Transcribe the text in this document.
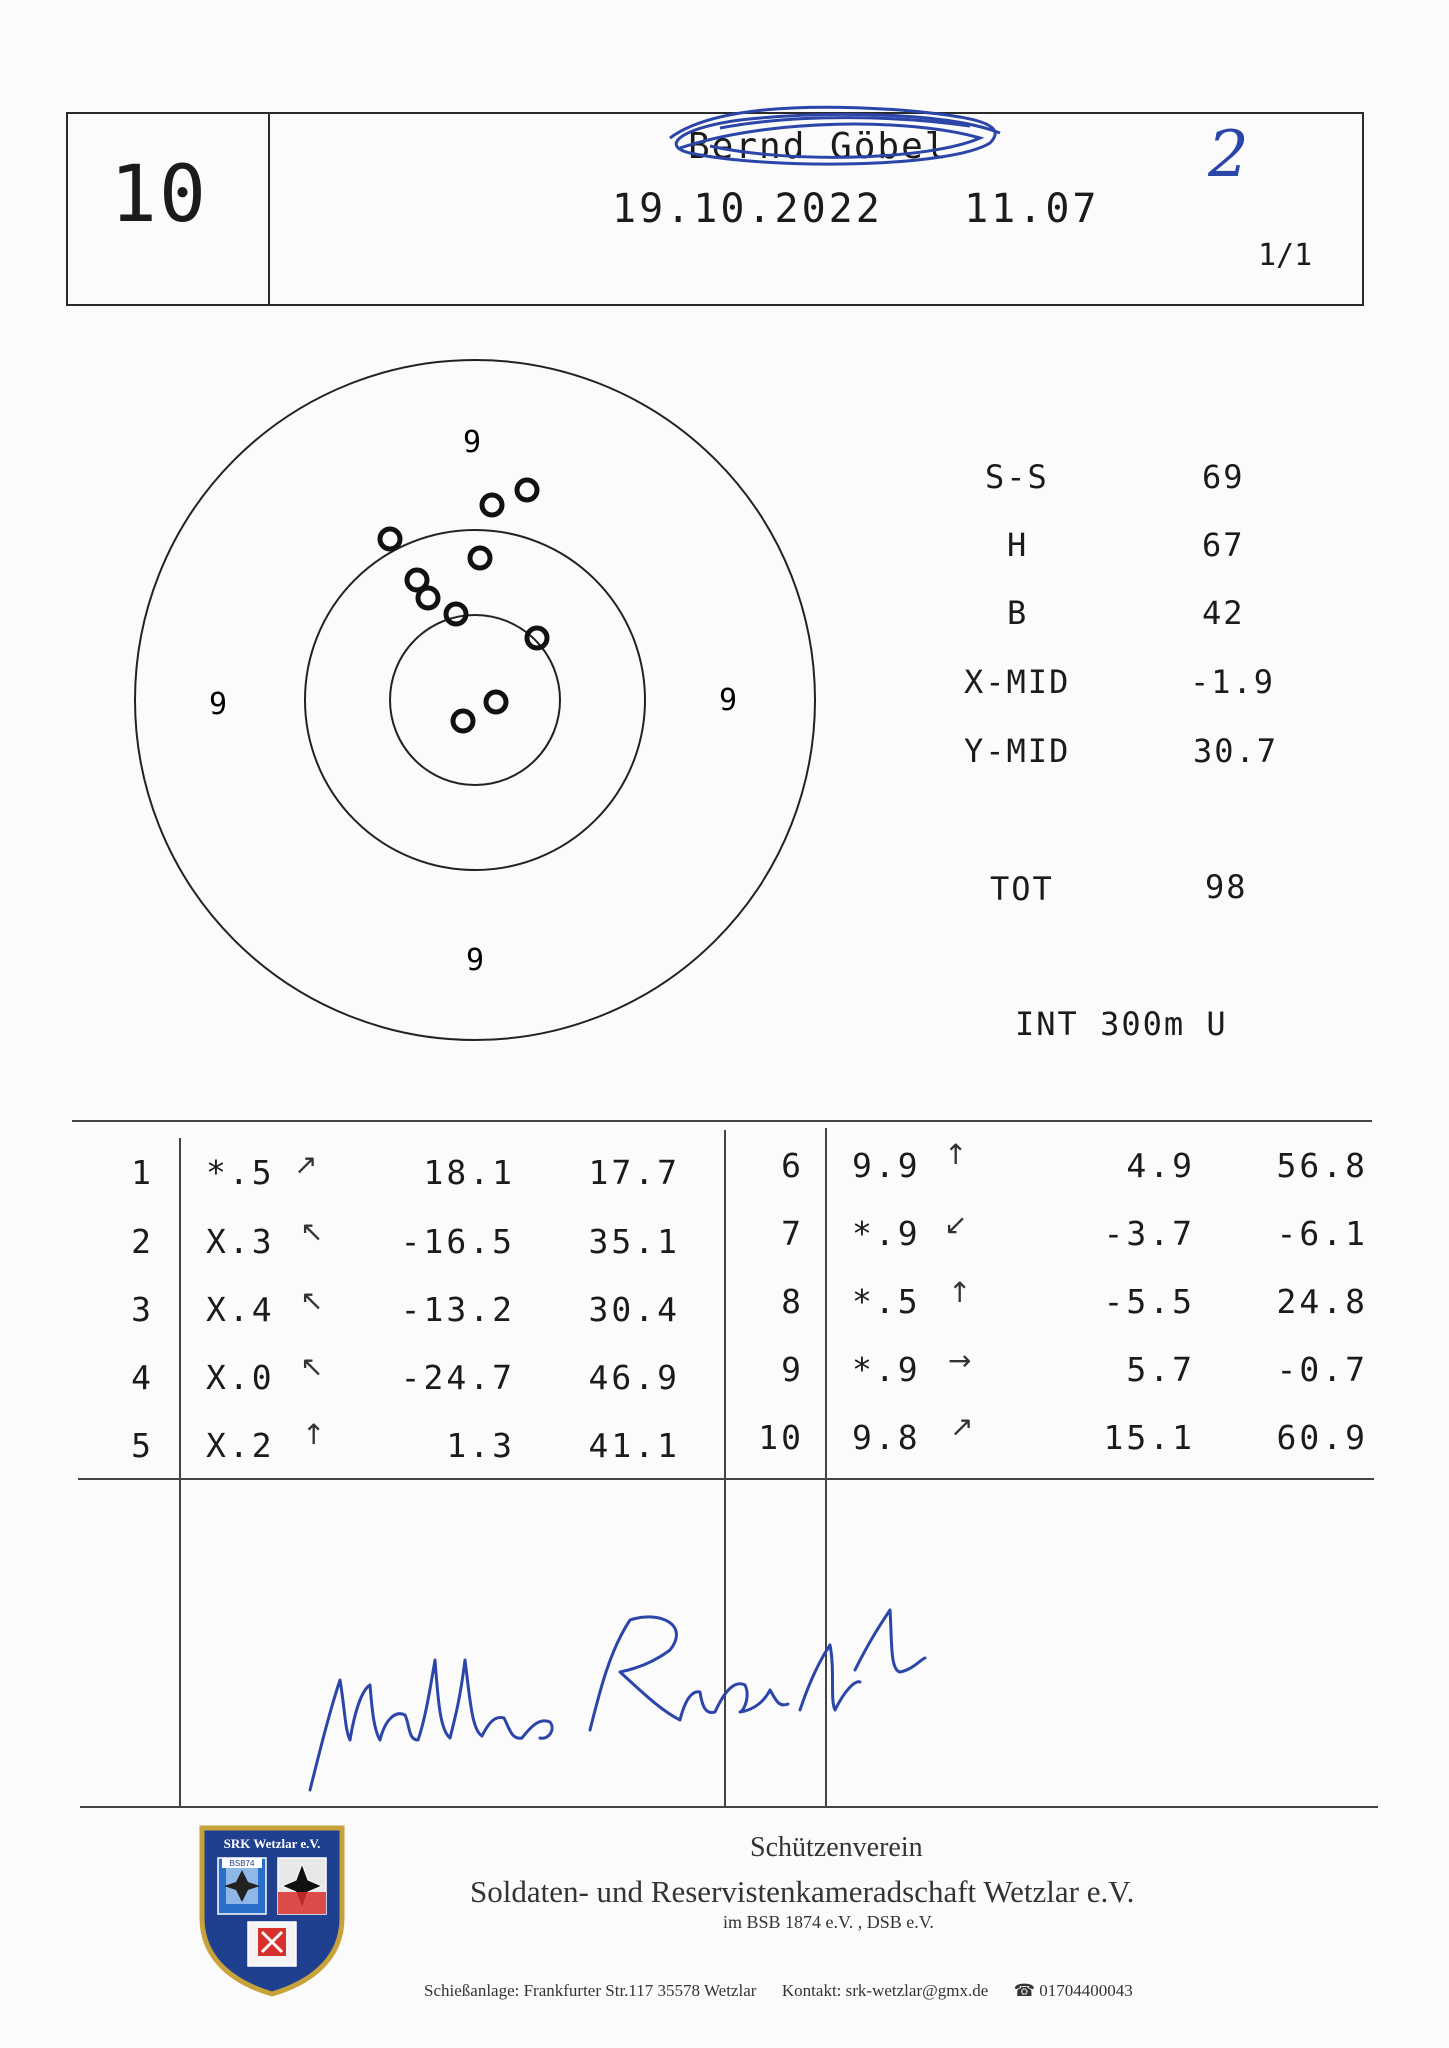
10
Bernd Göbel
19.10.2022 11.07
1/1
2
9
9	9
9
S-S	69
H	67
B	42
X-MID	-1.9
Y-MID	30.7
TOT	98
INT 300m U
1 *.5 ↗	18.1	17.7
2 X.3 ↖	-16.5	35.1
3 X.4 ↖	-13.2	30.4
4 X.0 ↖	-24.7	46.9
5 X.2 ↑	1.3	41.1
6 9.9 ↑	4.9	56.8
7 *.9 ↙	-3.7	-6.1
8 *.5 ↑	-5.5	24.8
9 *.9 →	5.7	-0.7
10 9.8 ↗	15.1	60.9
SRK Wetzlar e.V.
BSB74
Schützenverein
Soldaten- und Reservistenkameradschaft Wetzlar e.V.
im BSB 1874 e.V. , DSB e.V.
Schießanlage: Frankfurter Str.117 35578 Wetzlar Kontakt: srk-wetzlar@gmx.de ☎ 01704400043
